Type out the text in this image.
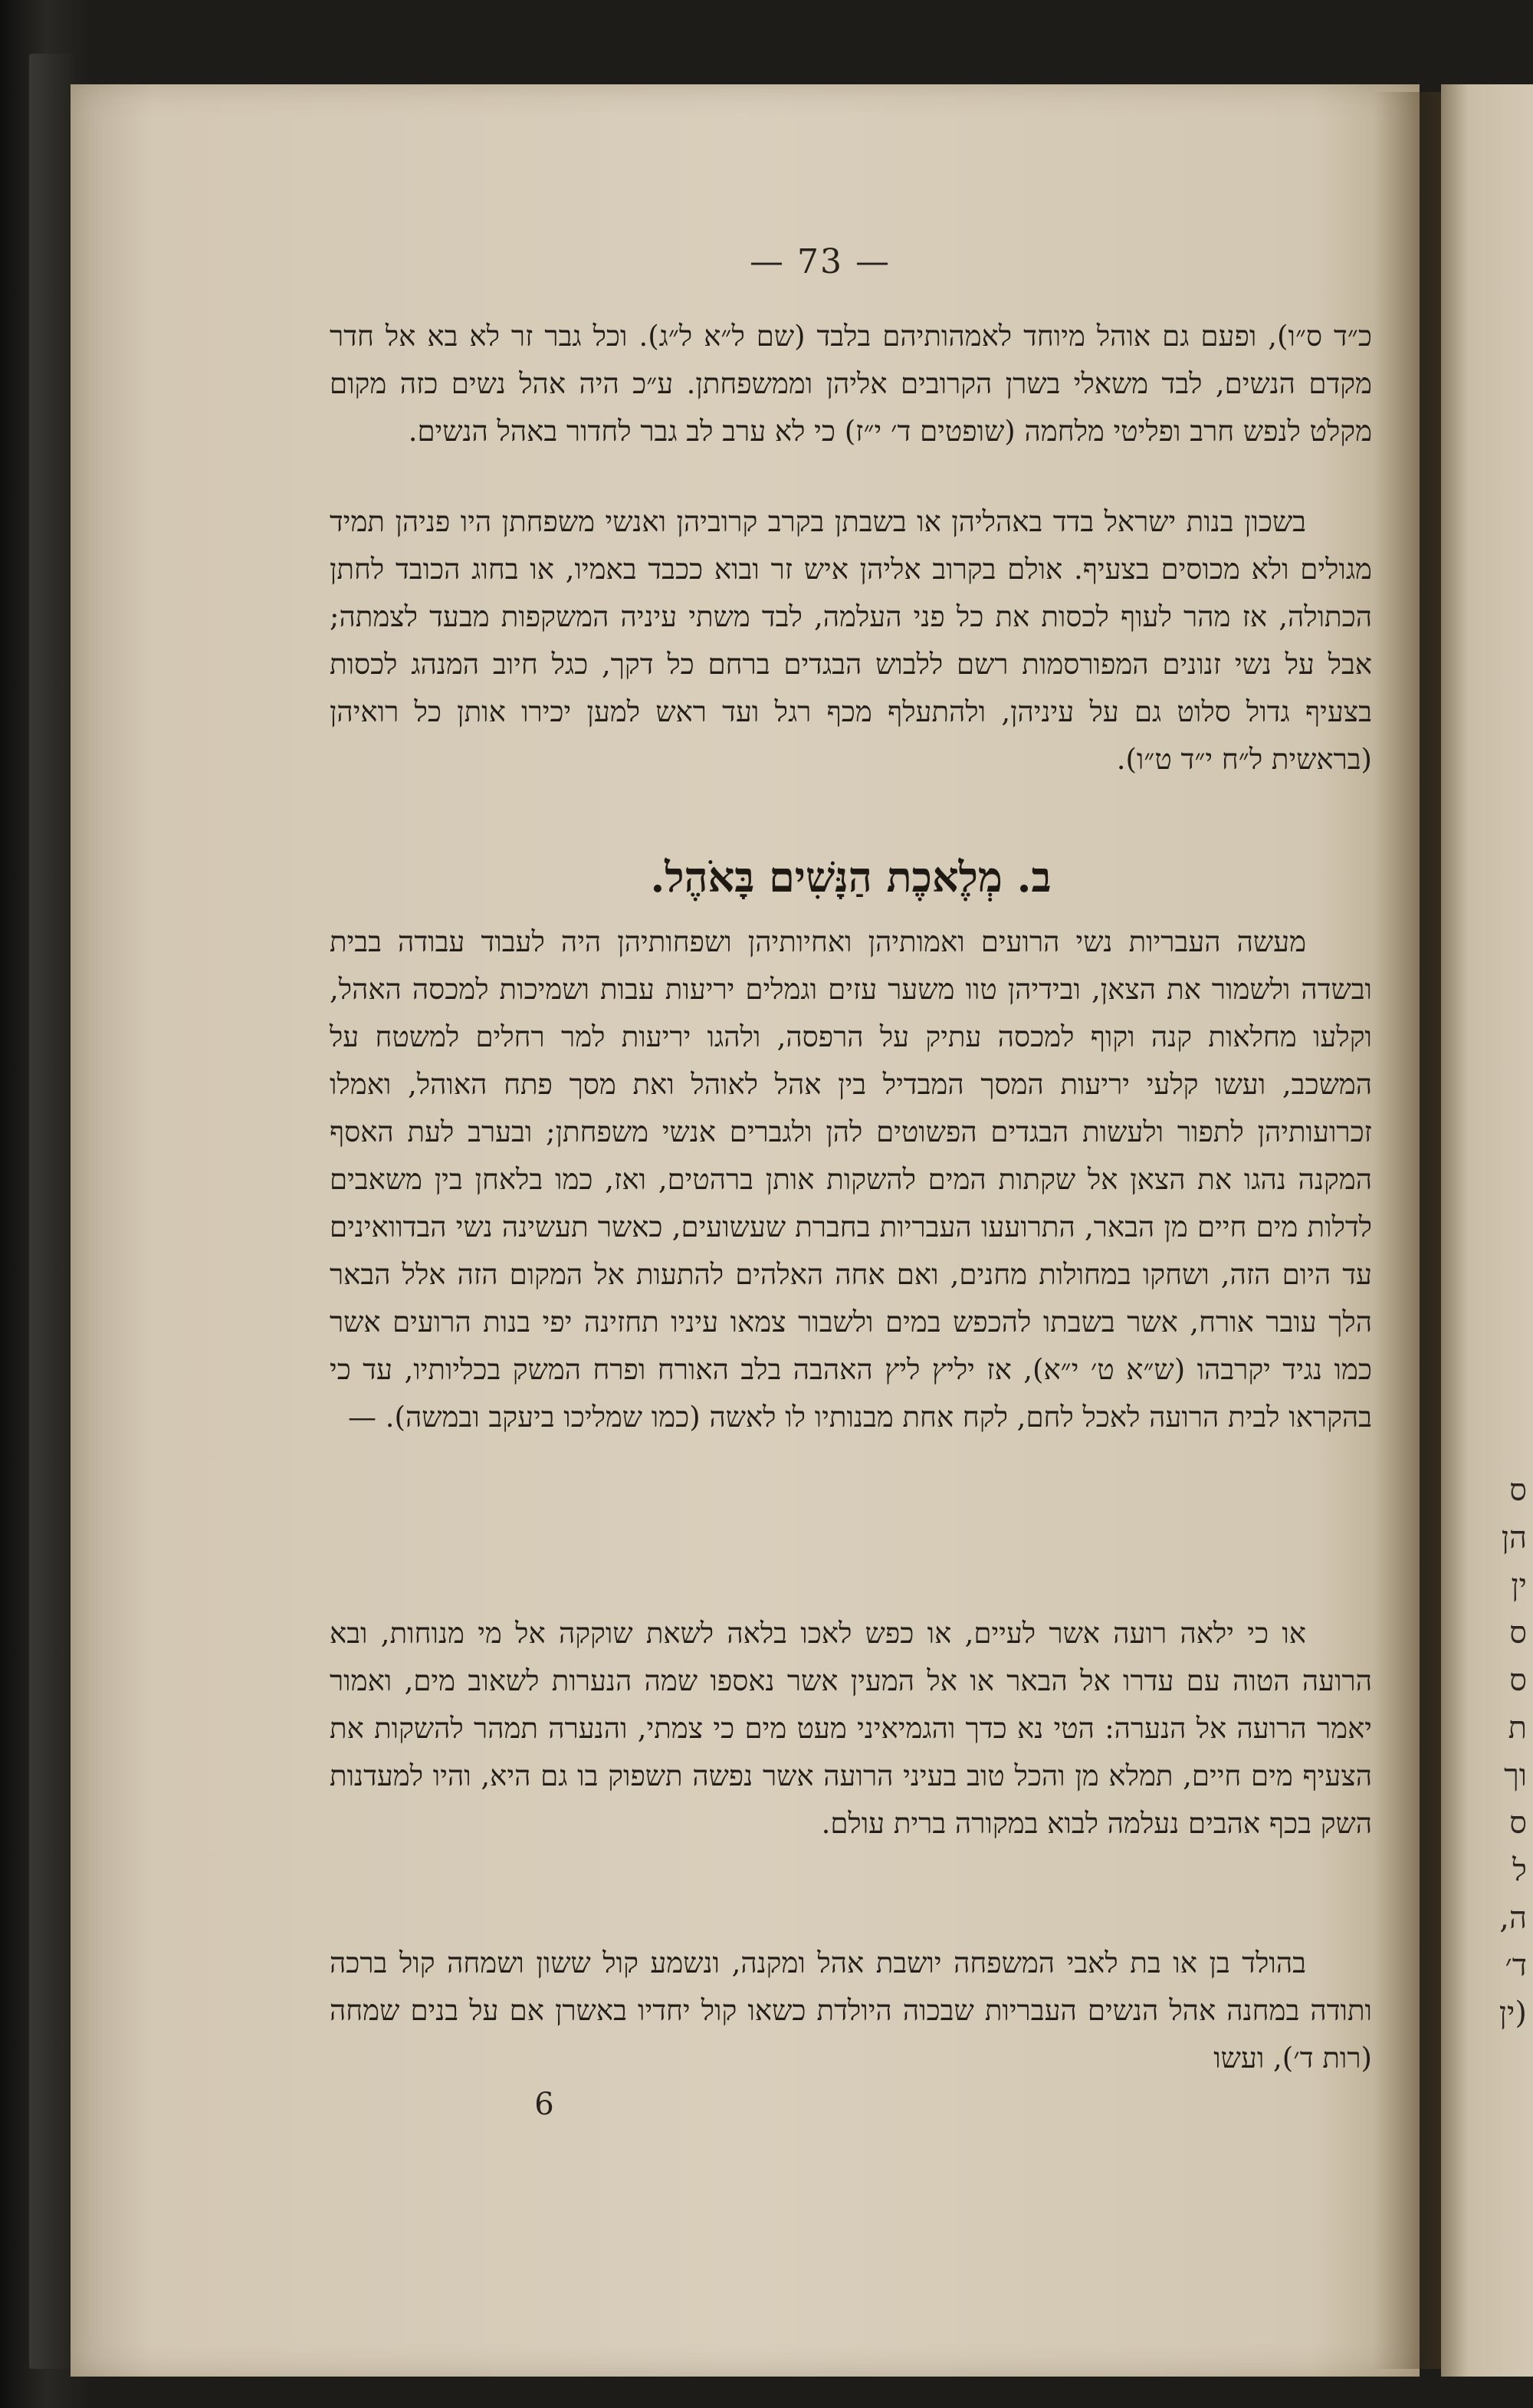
ס
הן
ין
ס
ס
ת
וך
ס
ל
ה,
ד׳
(ין
— 73 —

כ״ד ס״ו), ופעם גם אוהל מיוחד לאמהותיהם בלבד (שם ל״א ל״ג). וכל גבר זר לא בא אל חדר מקדם הנשים, לבד משאלי בשרן הקרובים אליהן וממשפחתן. ע״כ היה אהל נשים כזה מקום מקלט לנפש חרב ופליטי מלחמה (שופטים ד׳ י״ז) כי לא ערב לב גבר לחדור באהל הנשים.

בשכון בנות ישראל בדד באהליהן או בשבתן בקרב קרוביהן ואנשי משפחתן היו פניהן תמיד מגולים ולא מכוסים בצעיף. אולם בקרוב אליהן איש זר ובוא ככבד באמיו, או בחוג הכובד לחתן הכתולה, אז מהר לעוף לכסות את כל פני העלמה, לבד משתי עיניה המשקפות מבעד לצמתה; אבל על נשי זנונים המפורסמות רשם ללבוש הבגדים ברחם כל דקך, כגל חיוב המנהג לכסות בצעיף גדול סלוט גם על עיניהן, ולהתעלף מכף רגל ועד ראש למען יכירו אותן כל רואיהן (בראשית ל״ח י״ד ט״ו).

ב. מְלֶאכֶת הַנָּשִׁים בָּאֹהֶל.

מעשה העבריות נשי הרועים ואמותיהן ואחיותיהן ושפחותיהן היה לעבוד עבודה בבית ובשדה ולשמור את הצאן, ובידיהן טוו משער עזים וגמלים יריעות עבות ושמיכות למכסה האהל, וקלעו מחלאות קנה וקוף למכסה עתיק על הרפסה, ולהגו יריעות למר רחלים למשטח על המשכב, ועשו קלעי יריעות המסך המבדיל בין אהל לאוהל ואת מסך פתח האוהל, ואמלו זכרועותיהן לתפור ולעשות הבגדים הפשוטים להן ולגברים אנשי משפחתן; ובערב לעת האסף המקנה נהגו את הצאן אל שקתות המים להשקות אותן ברהטים, ואז, כמו בלאחן בין משאבים לדלות מים חיים מן הבאר, התרועעו העבריות בחברת שעשועים, כאשר תעשינה נשי הבדוואינים עד היום הזה, ושחקו במחולות מחנים, ואם אחה האלהים להתעות אל המקום הזה אלל הבאר הלך עובר אורח, אשר בשבתו להכפש במים ולשבור צמאו עיניו תחזינה יפי בנות הרועים אשר כמו נגיד יקרבהו (ש״א ט׳ י״א), אז יליץ ליץ האהבה בלב האורח ופרח המשק בכליותיו, עד כי בהקראו לבית הרועה לאכל לחם, לקח אחת מבנותיו לו לאשה (כמו שמליכו ביעקב ובמשה). —

או כי ילאה רועה אשר לעיים, או כפש לאכו בלאה לשאת שוקקה אל מי מנוחות, ובא הרועה הטוה עם עדרו אל הבאר או אל המעין אשר נאספו שמה הנערות לשאוב מים, ואמור יאמר הרועה אל הנערה: הטי נא כדך והגמיאיני מעט מים כי צמתי, והנערה תמהר להשקות את הצעיף מים חיים, תמלא מן והכל טוב בעיני הרועה אשר נפשה תשפוק בו גם היא, והיו למעדנות השק בכף אהבים נעלמה לבוא במקורה ברית עולם.

בהולד בן או בת לאבי המשפחה יושבת אהל ומקנה, ונשמע קול ששון ושמחה קול ברכה ותודה במחנה אהל הנשים העבריות שבכוה היולדת כשאו קול יחדיו באשרן אם על בנים שמחה (רות ד׳), ועשו

6
